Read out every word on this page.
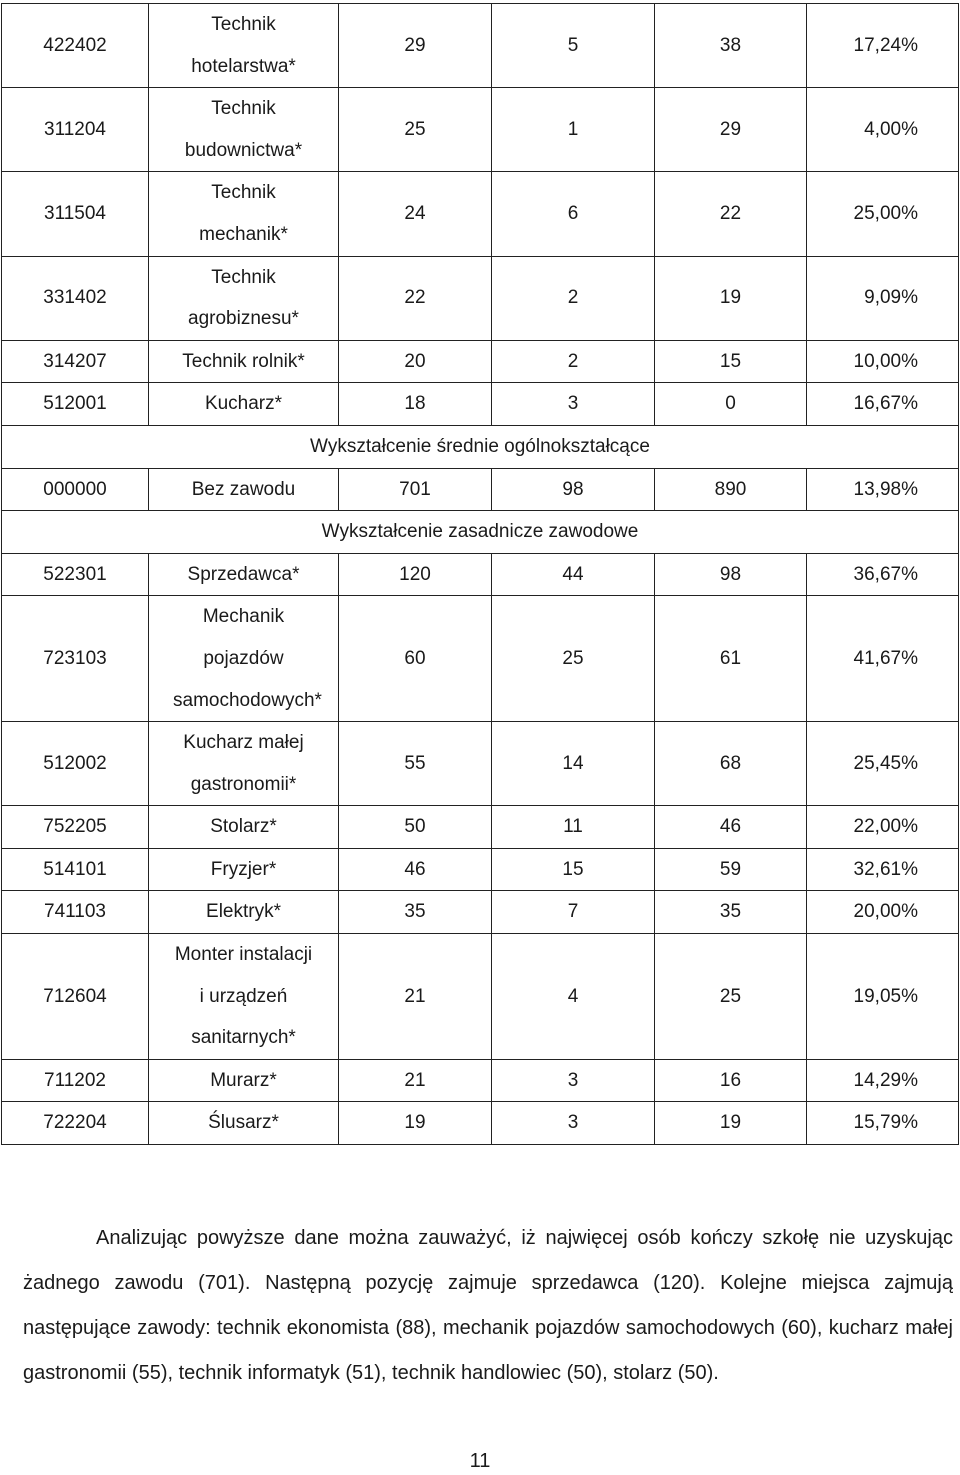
422402	Technik hotelarstwa*	29	5	38	17,24%
311204	Technik budownictwa*	25	1	29	4,00%
311504	Technik mechanik*	24	6	22	25,00%
331402	Technik agrobiznesu*	22	2	19	9,09%
314207	Technik rolnik*	20	2	15	10,00%
512001	Kucharz*	18	3	0	16,67%
Wykształcenie średnie ogólnokształcące					
000000	Bez zawodu	701	98	890	13,98%
Wykształcenie zasadnicze zawodowe					
522301	Sprzedawca*	120	44	98	36,67%
723103	Mechanik pojazdów samochodowych*	60	25	61	41,67%
512002	Kucharz małej gastronomii*	55	14	68	25,45%
752205	Stolarz*	50	11	46	22,00%
514101	Fryzjer*	46	15	59	32,61%
741103	Elektryk*	35	7	35	20,00%
712604	Monter instalacji i urządzeń sanitarnych*	21	4	25	19,05%
711202	Murarz*	21	3	16	14,29%
722204	Ślusarz*	19	3	19	15,79%

Analizując powyższe dane można zauważyć, iż najwięcej osób kończy szkołę nie uzyskując żadnego zawodu (701). Następną pozycję zajmuje sprzedawca (120). Kolejne miejsca zajmują następujące zawody: technik ekonomista (88), mechanik pojazdów samochodowych (60), kucharz małej gastronomii (55), technik informatyk (51), technik handlowiec (50), stolarz (50).

11
